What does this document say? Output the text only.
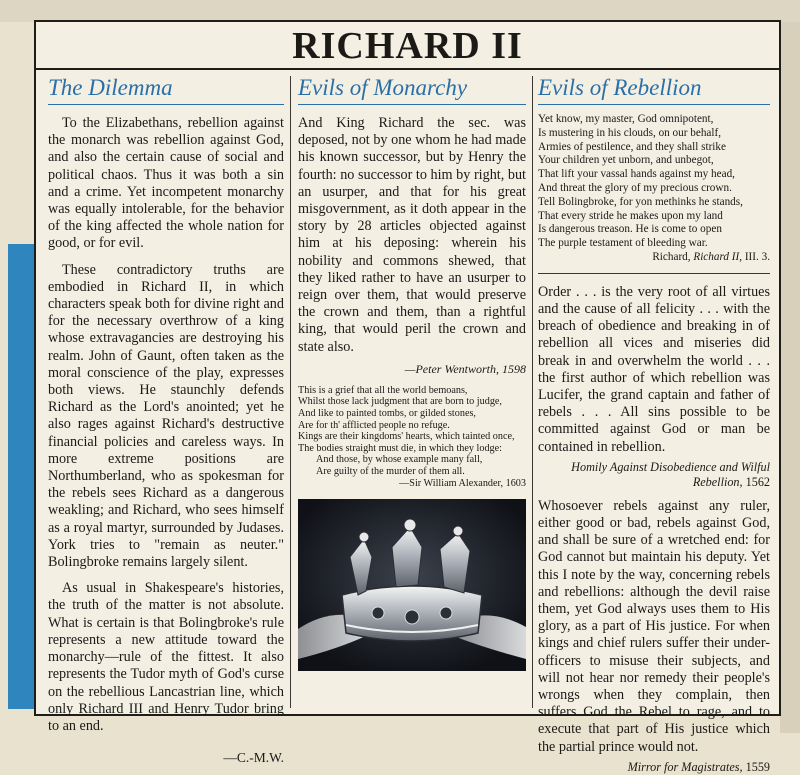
RICHARD II
The Dilemma

To the Elizabethans, rebellion against the monarch was rebellion against God, and also the certain cause of social and political chaos. Thus it was both a sin and a crime. Yet incompetent monarchy was equally intolerable, for the behavior of the king affected the whole nation for good, or for evil.

These contradictory truths are embodied in Richard II, in which characters speak both for divine right and for the necessary overthrow of a king whose extravagancies are destroying his realm. John of Gaunt, often taken as the moral conscience of the play, expresses both views. He staunchly defends Richard as the Lord's anointed; yet he also rages against Richard's destructive financial policies and careless ways. In more extreme positions are Northumberland, who as spokesman for the rebels sees Richard as a dangerous weakling; and Richard, who sees himself as a royal martyr, surrounded by Judases. York tries to "remain as neuter." Bolingbroke remains largely silent.

As usual in Shakespeare's histories, the truth of the matter is not absolute. What is certain is that Bolingbroke's rule represents a new attitude toward the monarchy—rule of the fittest. It also represents the Tudor myth of God's curse on the rebellious Lancastrian line, which only Richard III and Henry Tudor bring to an end.

—C.-M.W.

Evils of Monarchy

And King Richard the sec. was deposed, not by one whom he had made his known successor, but by Henry the fourth: no successor to him by right, but an usurper, and that for his great misgovernment, as it doth appear in the story by 28 articles objected against him at his deposing: wherein his nobility and commons shewed, that they liked rather to have an usurper to reign over them, that would preserve the crown and them, than a rightful king, that would peril the crown and state also.

—Peter Wentworth, 1598
This is a grief that all the world bemoans,
Whilst those lack judgment that are born to judge,
And like to painted tombs, or gilded stones,
Are for th' afflicted people no refuge.
Kings are their kingdoms' hearts, which tainted once,
The bodies straight must die, in which they lodge:
And those, by whose example many fall,
Are guilty of the murder of them all.
—Sir William Alexander, 1603
Evils of Rebellion
Yet know, my master, God omnipotent,
Is mustering in his clouds, on our behalf,
Armies of pestilence, and they shall strike
Your children yet unborn, and unbegot,
That lift your vassal hands against my head,
And threat the glory of my precious crown.
Tell Bolingbroke, for yon methinks he stands,
That every stride he makes upon my land
Is dangerous treason. He is come to open
The purple testament of bleeding war.
Richard, Richard II, III. 3.

Order . . . is the very root of all virtues and the cause of all felicity . . . with the breach of obedience and breaking in of rebellion all vices and miseries did break in and overwhelm the world . . . the first author of which rebellion was Lucifer, the grand captain and father of rebels . . . All sins possible to be committed against God or man be contained in rebellion.

Homily Against Disobedience and Wilful Rebellion, 1562

Whosoever rebels against any ruler, either good or bad, rebels against God, and shall be sure of a wretched end: for God cannot but maintain his deputy. Yet this I note by the way, concerning rebels and rebellions: although the devil raise them, yet God always uses them to His glory, as a part of His justice. For when kings and chief rulers suffer their under-officers to misuse their subjects, and will not hear nor remedy their people's wrongs when they complain, then suffers God the Rebel to rage, and to execute that part of His justice which the partial prince would not.

Mirror for Magistrates, 1559
